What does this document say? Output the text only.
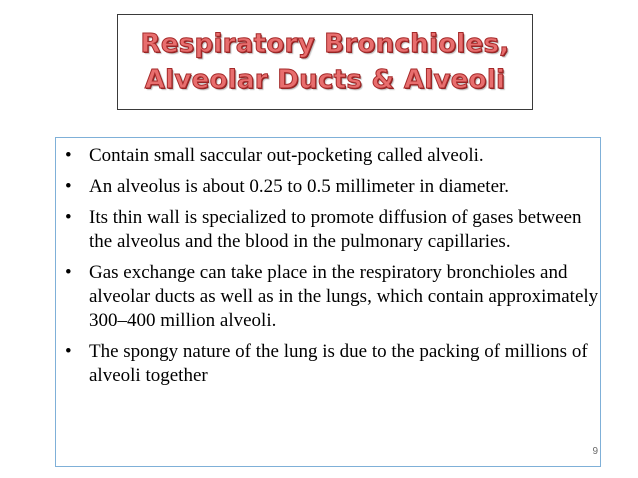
Respiratory Bronchioles,
Alveolar Ducts & Alveoli
• Contain small saccular out-pocketing called alveoli.
• An alveolus is about 0.25 to 0.5 millimeter in diameter.
• Its thin wall is specialized to promote diffusion of gases between the alveolus and the blood in the pulmonary capillaries.
• Gas exchange can take place in the respiratory bronchioles and alveolar ducts as well as in the lungs, which contain approximately 300–400 million alveoli.
• The spongy nature of the lung is due to the packing of millions of alveoli together
9
